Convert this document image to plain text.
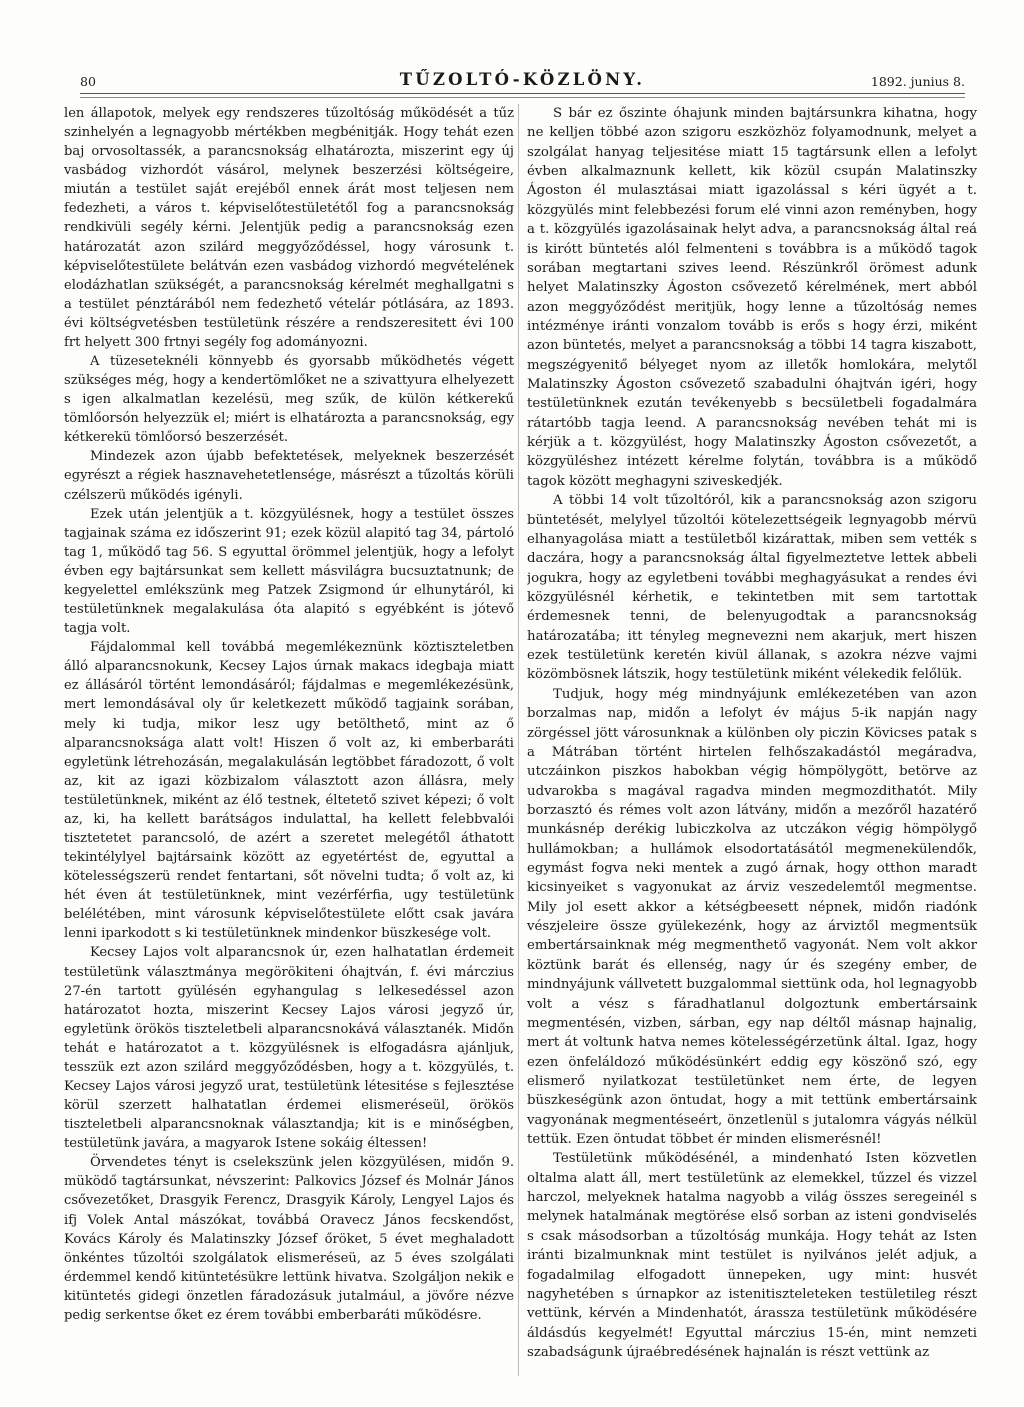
80	TŰZOLTÓ-KÖZLÖNY.	1892. junius 8.

len állapotok, melyek egy rendszeres tűzoltóság működését a tűz szinhelyén a legnagyobb mértékben megbénitják. Hogy tehát ezen baj orvosoltassék, a parancsnokság elhatározta, miszerint egy új vasbádog vizhordót vásárol, melynek beszerzési költségeire, miután a testület saját erejéből ennek árát most teljesen nem fedezheti, a város t. képviselőtestületétől fog a parancsnokság rendkivüli segély kérni. Jelentjük pedig a parancsnokság ezen határozatát azon szilárd meggyőződéssel, hogy városunk t. képviselőtestülete belátván ezen vasbádog vizhordó megvételének elodázhatlan szükségét, a parancsnokság kérelmét meghallgatni s a testület pénztárából nem fedezhető vételár pótlására, az 1893. évi költségvetésben testületünk részére a rendszeresitett évi 100 frt helyett 300 frtnyi segély fog adományozni.

A tüzeseteknéli könnyebb és gyorsabb működhetés végett szükséges még, hogy a kendertömlőket ne a szivattyura elhelyezett s igen alkalmatlan kezelésü, meg szűk, de külön kétkerekű tömlőorsón helyezzük el; miért is elhatározta a parancsnokság, egy kétkerekü tömlőorsó beszerzését.

Mindezek azon újabb befektetések, melyeknek beszerzését egyrészt a régiek hasznavehetetlensége, másrészt a tűzoltás körüli czélszerü működés igényli.

Ezek után jelentjük a t. közgyülésnek, hogy a testület összes tagjainak száma ez időszerint 91; ezek közül alapitó tag 34, pártoló tag 1, működő tag 56. S egyuttal örömmel jelentjük, hogy a lefolyt évben egy bajtársunkat sem kellett másvilágra bucsuztatnunk; de kegyelettel emlékszünk meg Patzek Zsigmond úr elhunytáról, ki testületünknek megalakulása óta alapitó s egyébként is jótevő tagja volt.

Fájdalommal kell továbbá megemlékeznünk köztiszteletben álló alparancsnokunk, Kecsey Lajos úrnak makacs idegbaja miatt ez állásáról történt lemondásáról; fájdalmas e megemlékezésünk, mert lemondásával oly űr keletkezett működő tagjaink sorában, mely ki tudja, mikor lesz ugy betölthető, mint az ő alparancsnoksága alatt volt! Hiszen ő volt az, ki emberbaráti egyletünk létrehozásán, megalakulásán legtöbbet fáradozott, ő volt az, kit az igazi közbizalom választott azon állásra, mely testületünknek, miként az élő testnek, éltetető szivet képezi; ő volt az, ki, ha kellett barátságos indulattal, ha kellett felebbvalói tisztetetet parancsoló, de azért a szeretet melegétől áthatott tekintélylyel bajtársaink között az egyetértést de, egyuttal a kötelességszerü rendet fentartani, sőt növelni tudta; ő volt az, ki hét éven át testületünknek, mint vezérférfia, ugy testületünk belélétében, mint városunk képviselőtestülete előtt csak javára lenni iparkodott s ki testületünknek mindenkor büszkesége volt.

Kecsey Lajos volt alparancsnok úr, ezen halhatatlan érdemeit testületünk választmánya megörökiteni óhajtván, f. évi márczius 27-én tartott gyülésén egyhangulag s lelkesedéssel azon határozatot hozta, miszerint Kecsey Lajos városi jegyző úr, egyletünk örökös tiszteletbeli alparancsnokává választanék. Midőn tehát e határozatot a t. közgyülésnek is elfogadásra ajánljuk, tesszük ezt azon szilárd meggyőződésben, hogy a t. közgyülés, t. Kecsey Lajos városi jegyző urat, testületünk létesitése s fejlesztése körül szerzett halhatatlan érdemei elismeréseül, örökös tiszteletbeli alparancsnoknak választandja; kit is e minőségben, testületünk javára, a magyarok Istene sokáig éltessen!

Örvendetes tényt is cselekszünk jelen közgyülésen, midőn 9. müködő tagtársunkat, névszerint: Palkovics József és Molnár János csővezetőket, Drasgyik Ferencz, Drasgyik Károly, Lengyel Lajos és ifj Volek Antal mászókat, továbbá Oravecz János fecskendőst, Kovács Károly és Malatinszky József őröket, 5 évet meghaladott önkéntes tűzoltói szolgálatok elismeréseü, az 5 éves szolgálati érdemmel kendő kitüntetésükre lettünk hivatva. Szolgáljon nekik e kitüntetés gidegi önzetlen fáradozásuk jutalmául, a jövőre nézve pedig serkentse őket ez érem további emberbaráti működésre.

S bár ez őszinte óhajunk minden bajtársunkra kihatna, hogy ne kelljen többé azon szigoru eszközhöz folyamodnunk, melyet a szolgálat hanyag teljesitése miatt 15 tagtársunk ellen a lefolyt évben alkalmaznunk kellett, kik közül csupán Malatinszky Ágoston él mulasztásai miatt igazolással s kéri ügyét a t. közgyülés mint felebbezési forum elé vinni azon reményben, hogy a t. közgyülés igazolásainak helyt adva, a parancsnokság által reá is kirótt büntetés alól felmenteni s továbbra is a működő tagok sorában megtartani szives leend. Részünkről örömest adunk helyet Malatinszky Ágoston csővezető kérelmének, mert abból azon meggyőződést meritjük, hogy lenne a tűzoltóság nemes intézménye iránti vonzalom tovább is erős s hogy érzi, miként azon büntetés, melyet a parancsnokság a többi 14 tagra kiszabott, megszégyenitő bélyeget nyom az illetők homlokára, melytől Malatinszky Ágoston csővezető szabadulni óhajtván igéri, hogy testületünknek ezután tevékenyebb s becsületbeli fogadalmára rátartóbb tagja leend. A parancsnokság nevében tehát mi is kérjük a t. közgyülést, hogy Malatinszky Ágoston csővezetőt, a közgyüléshez intézett kérelme folytán, továbbra is a működő tagok között meghagyni sziveskedjék.

A többi 14 volt tűzoltóról, kik a parancsnokság azon szigoru büntetését, melylyel tűzoltói kötelezettségeik legnyagobb mérvü elhanyagolása miatt a testületből kizárattak, miben sem vették s daczára, hogy a parancsnokság által figyelmeztetve lettek abbeli jogukra, hogy az egyletbeni további meghagyásukat a rendes évi közgyülésnél kérhetik, e tekintetben mit sem tartottak érdemesnek tenni, de belenyugodtak a parancsnokság határozatába; itt tényleg megnevezni nem akarjuk, mert hiszen ezek testületünk keretén kivül állanak, s azokra nézve vajmi közömbösnek látszik, hogy testületünk miként vélekedik felőlük.

Tudjuk, hogy még mindnyájunk emlékezetében van azon borzalmas nap, midőn a lefolyt év május 5-ik napján nagy zörgéssel jött városunknak a különben oly piczin Kövicses patak s a Mátrában történt hirtelen felhőszakadástól megáradva, utczáinkon piszkos habokban végig hömpölygött, betörve az udvarokba s magával ragadva minden megmozdithatót. Mily borzasztó és rémes volt azon látvány, midőn a mezőről hazatérő munkásnép derékig lubiczkolva az utczákon végig hömpölygő hullámokban; a hullámok elsodortatásától megmenekülendők, egymást fogva neki mentek a zugó árnak, hogy otthon maradt kicsinyeiket s vagyonukat az árviz veszedelemtől megmentse. Mily jol esett akkor a kétségbeesett népnek, midőn riadónk vészjeleire össze gyülekezénk, hogy az árviztől megmentsük embertársainknak még megmenthető vagyonát. Nem volt akkor köztünk barát és ellenség, nagy úr és szegény ember, de mindnyájunk vállvetett buzgalommal siettünk oda, hol legnagyobb volt a vész s fáradhatlanul dolgoztunk embertársaink megmentésén, vizben, sárban, egy nap déltől másnap hajnalig, mert át voltunk hatva nemes kötelességérzetünk által. Igaz, hogy ezen önfeláldozó működésünkért eddig egy köszönő szó, egy elismerő nyilatkozat testületünket nem érte, de legyen büszkeségünk azon öntudat, hogy a mit tettünk embertársaink vagyonának megmentéseért, önzetlenül s jutalomra vágyás nélkül tettük. Ezen öntudat többet ér minden elismerésnél!

Testületünk működésénél, a mindenható Isten közvetlen oltalma alatt áll, mert testületünk az elemekkel, tűzzel és vizzel harczol, melyeknek hatalma nagyobb a világ összes seregeinél s melynek hatalmának megtörése első sorban az isteni gondviselés s csak másodsorban a tűzoltóság munkája. Hogy tehát az Isten iránti bizalmunknak mint testület is nyilvános jelét adjuk, a fogadalmilag elfogadott ünnepeken, ugy mint: husvét nagyhetében s úrnapkor az istenitiszteleteken testületileg részt vettünk, kérvén a Mindenhatót, árassza testületünk működésére áldásdús kegyelmét! Egyuttal márczius 15-én, mint nemzeti szabadságunk újraébredésének hajnalán is részt vettünk az
